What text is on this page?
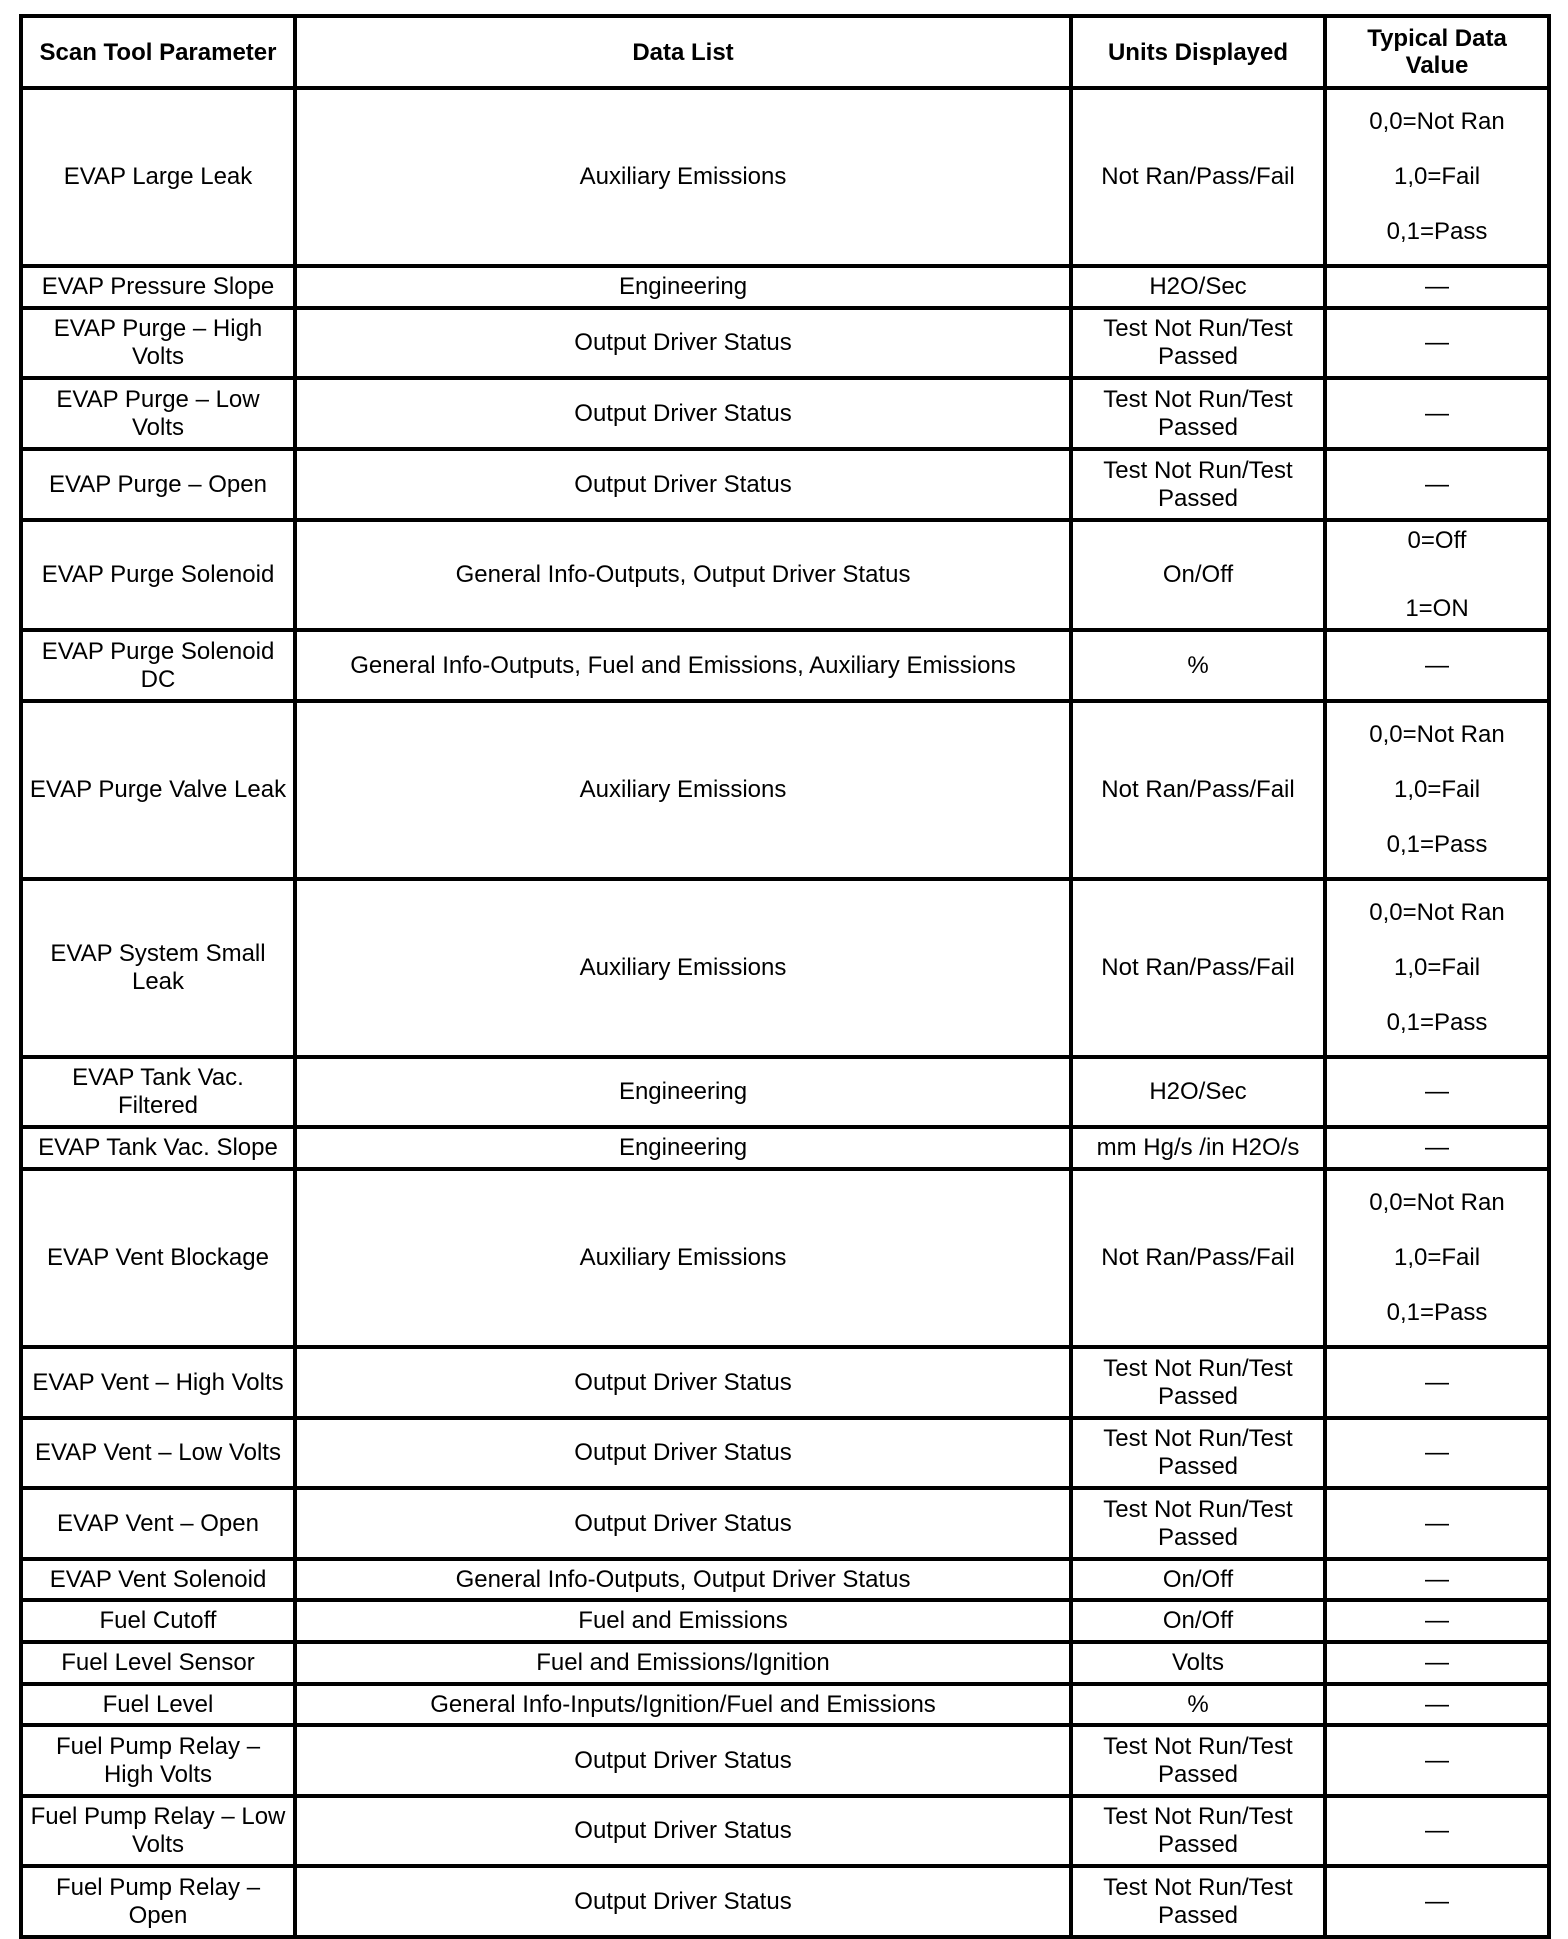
Scan Tool Parameter	Data List	Units Displayed	Typical Data Value
EVAP Large Leak	Auxiliary Emissions	Not Ran/Pass/Fail	0,0=Not Ran
1,0=Fail
0,1=Pass

EVAP Pressure Slope	Engineering	H2O/Sec	—
EVAP Purge – High Volts	Output Driver Status	Test Not Run/Test Passed	—
EVAP Purge – Low Volts	Output Driver Status	Test Not Run/Test Passed	—
EVAP Purge – Open	Output Driver Status	Test Not Run/Test Passed	—
EVAP Purge Solenoid	General Info-Outputs, Output Driver Status	On/Off	0=Off
1=ON

EVAP Purge Solenoid DC	General Info-Outputs, Fuel and Emissions, Auxiliary Emissions	%	—
EVAP Purge Valve Leak	Auxiliary Emissions	Not Ran/Pass/Fail	0,0=Not Ran
1,0=Fail
0,1=Pass

EVAP System Small Leak	Auxiliary Emissions	Not Ran/Pass/Fail	0,0=Not Ran
1,0=Fail
0,1=Pass

EVAP Tank Vac. Filtered	Engineering	H2O/Sec	—
EVAP Tank Vac. Slope	Engineering	mm Hg/s /in H2O/s	—
EVAP Vent Blockage	Auxiliary Emissions	Not Ran/Pass/Fail	0,0=Not Ran
1,0=Fail
0,1=Pass

EVAP Vent – High Volts	Output Driver Status	Test Not Run/Test Passed	—
EVAP Vent – Low Volts	Output Driver Status	Test Not Run/Test Passed	—
EVAP Vent – Open	Output Driver Status	Test Not Run/Test Passed	—
EVAP Vent Solenoid	General Info-Outputs, Output Driver Status	On/Off	—
Fuel Cutoff	Fuel and Emissions	On/Off	—
Fuel Level Sensor	Fuel and Emissions/Ignition	Volts	—
Fuel Level	General Info-Inputs/Ignition/Fuel and Emissions	%	—
Fuel Pump Relay – High Volts	Output Driver Status	Test Not Run/Test Passed	—
Fuel Pump Relay – Low Volts	Output Driver Status	Test Not Run/Test Passed	—
Fuel Pump Relay – Open	Output Driver Status	Test Not Run/Test Passed	—
